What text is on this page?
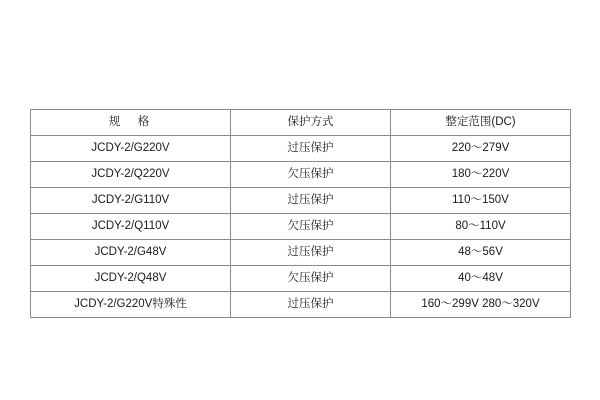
规　格	保护方式	整定范围(DC)
JCDY-2/G220V	过压保护	220～279V
JCDY-2/Q220V	欠压保护	180～220V
JCDY-2/G110V	过压保护	110～150V
JCDY-2/Q110V	欠压保护	80～110V
JCDY-2/G48V	过压保护	48～56V
JCDY-2/Q48V	欠压保护	40～48V
JCDY-2/G220V特殊性	过压保护	160～299V 280～320V
